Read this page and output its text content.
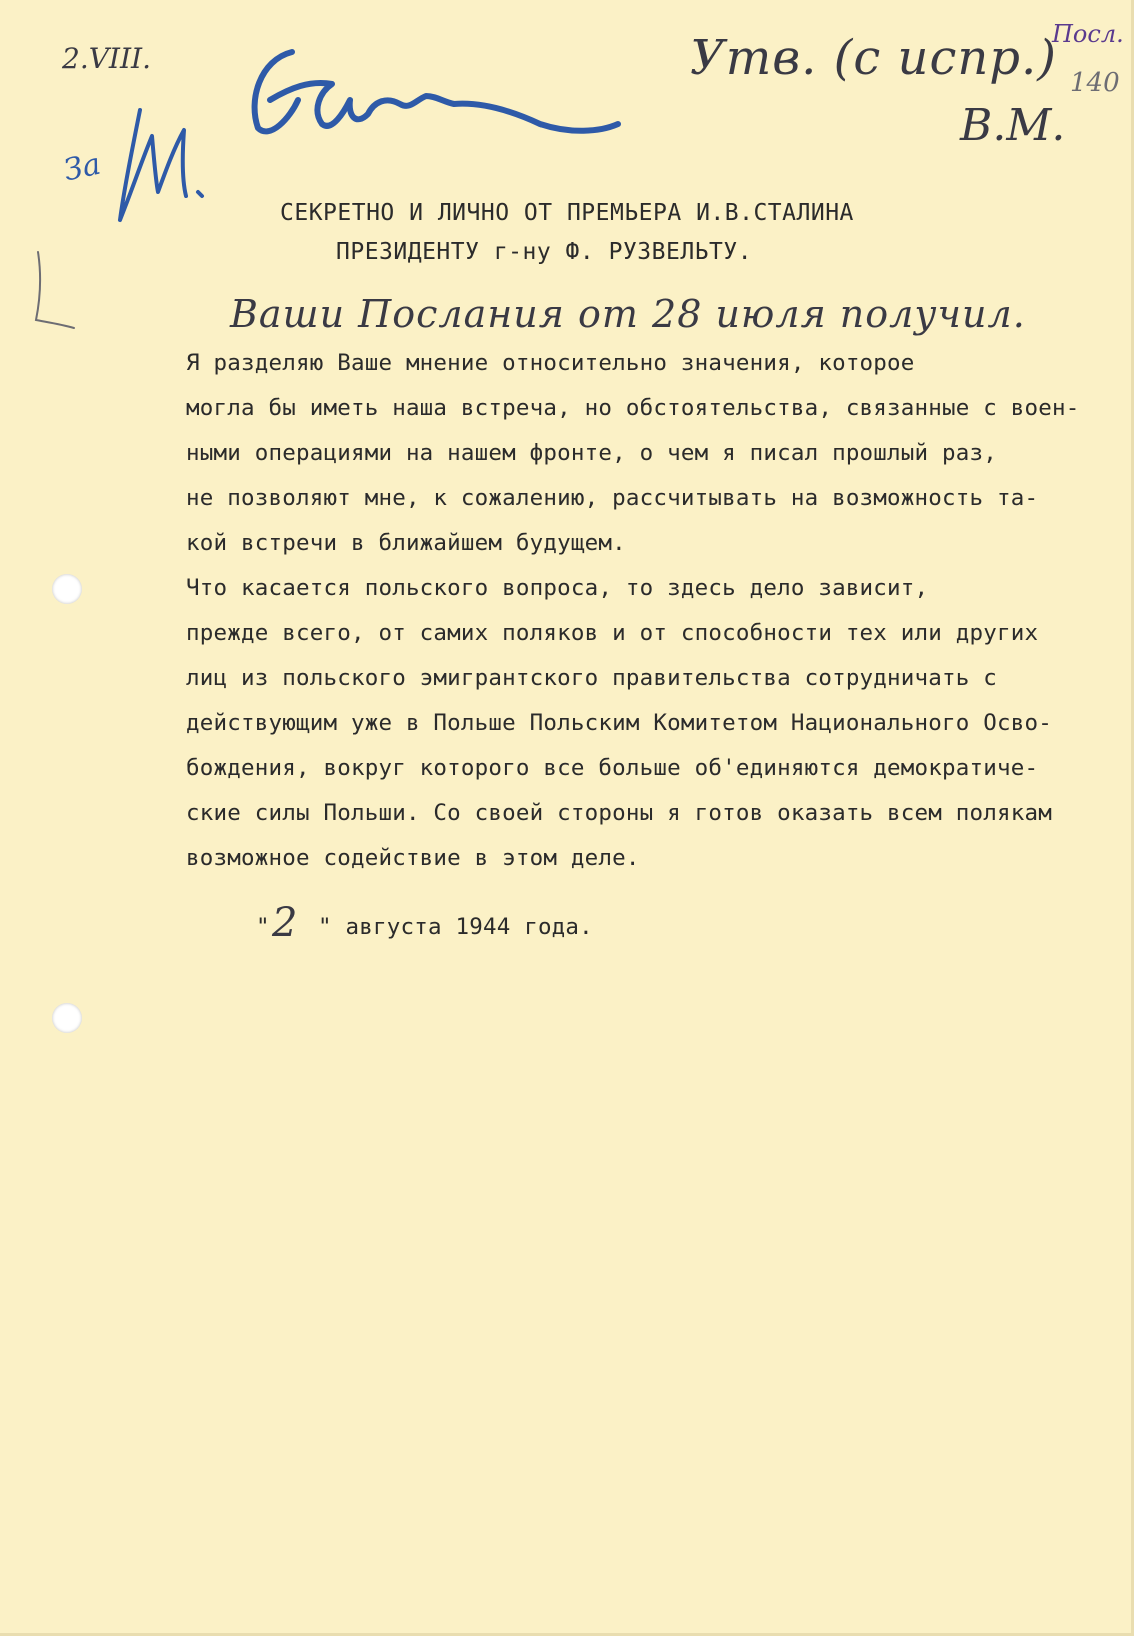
2.VIII.	Утв. (с испр.)
В.М.
Посл.
140
За
СЕКРЕТНО И ЛИЧНО ОТ ПРЕМЬЕРА И.В.СТАЛИНА
ПРЕЗИДЕНТУ г-ну Ф. РУЗВЕЛЬТУ.
Ваши Послания от 28 июля получил.
Я разделяю Ваше мнение относительно значения, которое
могла бы иметь наша встреча, но обстоятельства, связанные с воен-
ными операциями на нашем фронте, о чем я писал прошлый раз,
не позволяют мне, к сожалению, рассчитывать на возможность та-
кой встречи в ближайшем будущем.
Что касается польского вопроса, то здесь дело зависит,
прежде всего, от самих поляков и от способности тех или других
лиц из польского эмигрантского правительства сотрудничать с
действующим уже в Польше Польским Комитетом Национального Осво-
бождения, вокруг которого все больше об'единяются демократиче-
ские силы Польши. Со своей стороны я готов оказать всем полякам
возможное содействие в этом деле.
" 2 " августа 1944 года.
